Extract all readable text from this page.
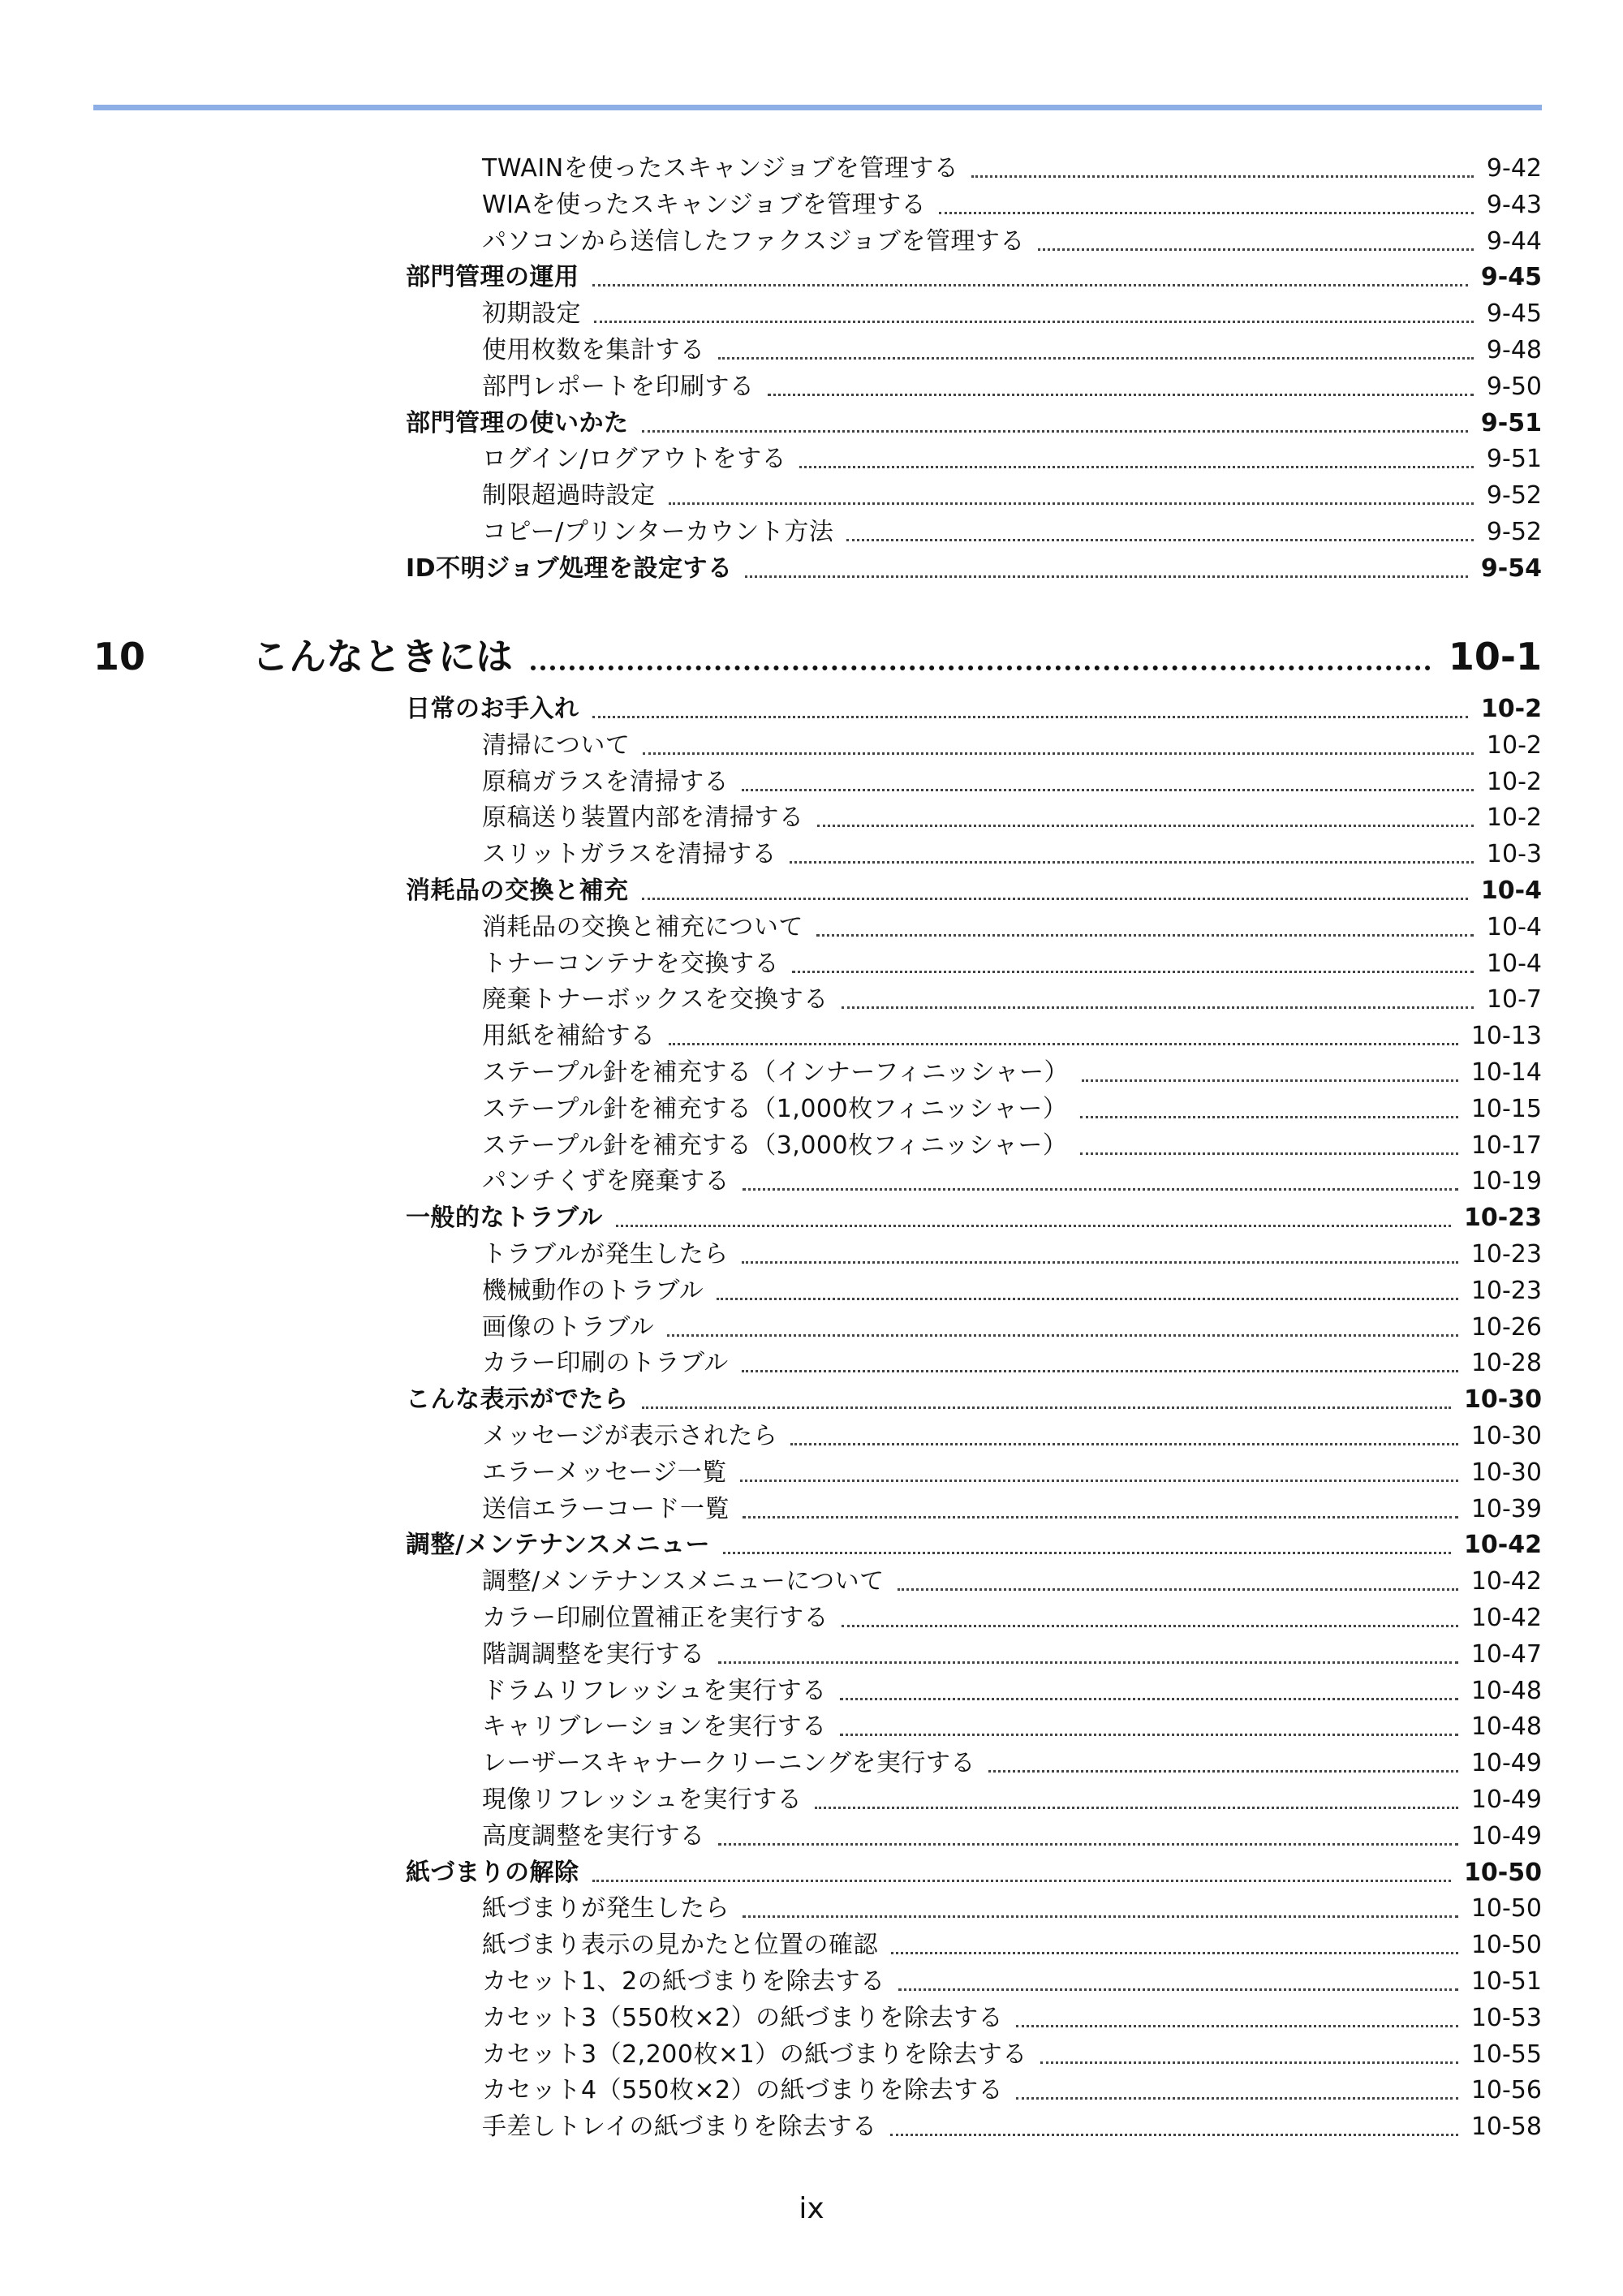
TWAINを使ったスキャンジョブを管理する	9-42
WIAを使ったスキャンジョブを管理する	9-43
パソコンから送信したファクスジョブを管理する	9-44
部門管理の運用	9-45
初期設定	9-45
使用枚数を集計する	9-48
部門レポートを印刷する	9-50
部門管理の使いかた	9-51
ログイン/ログアウトをする	9-51
制限超過時設定	9-52
コピー/プリンターカウント方法	9-52
ID不明ジョブ処理を設定する	9-54
10	こんなときには	10-1
日常のお手入れ	10-2
清掃について	10-2
原稿ガラスを清掃する	10-2
原稿送り装置内部を清掃する	10-2
スリットガラスを清掃する	10-3
消耗品の交換と補充	10-4
消耗品の交換と補充について	10-4
トナーコンテナを交換する	10-4
廃棄トナーボックスを交換する	10-7
用紙を補給する	10-13
ステープル針を補充する（インナーフィニッシャー）	10-14
ステープル針を補充する（1,000枚フィニッシャー）	10-15
ステープル針を補充する（3,000枚フィニッシャー）	10-17
パンチくずを廃棄する	10-19
一般的なトラブル	10-23
トラブルが発生したら	10-23
機械動作のトラブル	10-23
画像のトラブル	10-26
カラー印刷のトラブル	10-28
こんな表示がでたら	10-30
メッセージが表示されたら	10-30
エラーメッセージ一覧	10-30
送信エラーコード一覧	10-39
調整/メンテナンスメニュー	10-42
調整/メンテナンスメニューについて	10-42
カラー印刷位置補正を実行する	10-42
階調調整を実行する	10-47
ドラムリフレッシュを実行する	10-48
キャリブレーションを実行する	10-48
レーザースキャナークリーニングを実行する	10-49
現像リフレッシュを実行する	10-49
高度調整を実行する	10-49
紙づまりの解除	10-50
紙づまりが発生したら	10-50
紙づまり表示の見かたと位置の確認	10-50
カセット1、2の紙づまりを除去する	10-51
カセット3（550枚×2）の紙づまりを除去する	10-53
カセット3（2,200枚×1）の紙づまりを除去する	10-55
カセット4（550枚×2）の紙づまりを除去する	10-56
手差しトレイの紙づまりを除去する	10-58
ix
